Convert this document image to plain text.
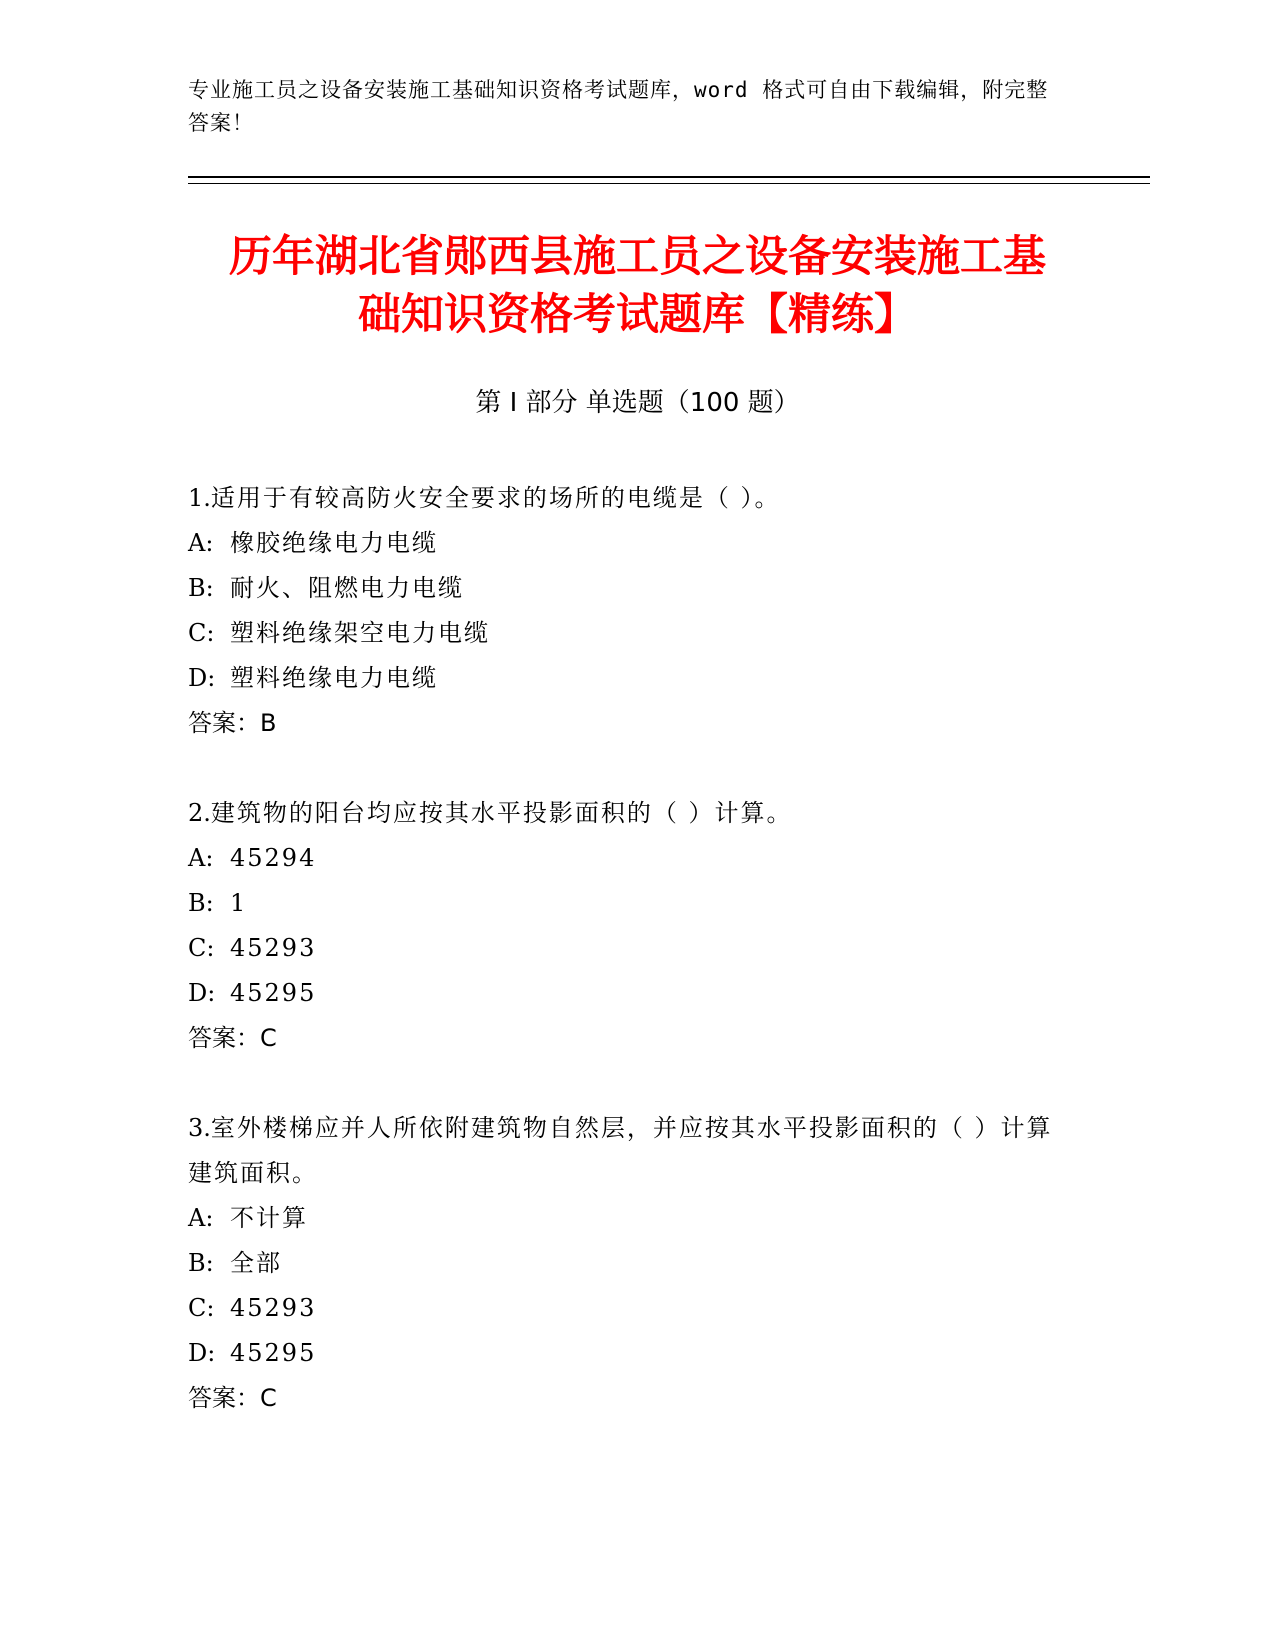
专业施工员之设备安装施工基础知识资格考试题库，word 格式可自由下载编辑，附完整答案！
历年湖北省郧西县施工员之设备安装施工基
础知识资格考试题库【精练】
第 I 部分 单选题（100 题）
1.适用于有较高防火安全要求的场所的电缆是（ ）。
A: 橡胶绝缘电力电缆
B: 耐火、阻燃电力电缆
C: 塑料绝缘架空电力电缆
D: 塑料绝缘电力电缆
答案：B
2.建筑物的阳台均应按其水平投影面积的（ ）计算。
A: 45294
B: 1
C: 45293
D: 45295
答案：C
3.室外楼梯应并人所依附建筑物自然层，并应按其水平投影面积的（ ）计算建筑面积。
A: 不计算
B: 全部
C: 45293
D: 45295
答案：C
